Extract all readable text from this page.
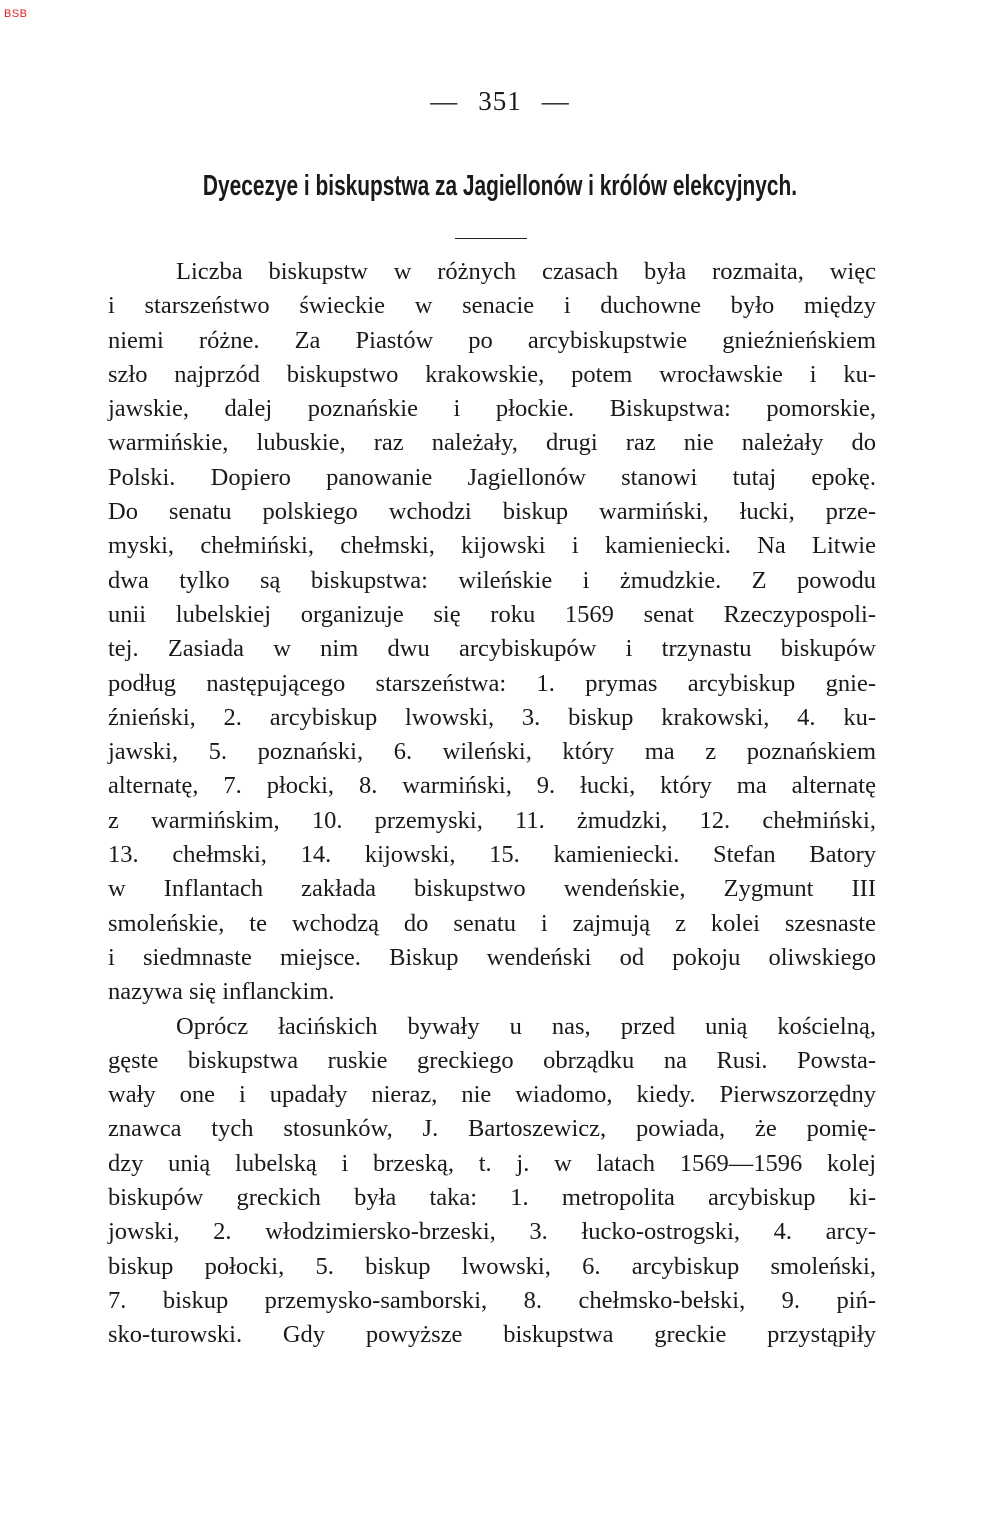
BSB
— 351 —
Dyecezye i biskupstwa za Jagiellonów i królów elekcyjnych.
Liczba biskupstw w różnych czasach była rozmaita, więc
i starszeństwo świeckie w senacie i duchowne było między
niemi różne. Za Piastów po arcybiskupstwie gnieźnieńskiem
szło najprzód biskupstwo krakowskie, potem wrocławskie i ku-
jawskie, dalej poznańskie i płockie. Biskupstwa: pomorskie,
warmińskie, lubuskie, raz należały, drugi raz nie należały do
Polski. Dopiero panowanie Jagiellonów stanowi tutaj epokę.
Do senatu polskiego wchodzi biskup warmiński, łucki, prze-
myski, chełmiński, chełmski, kijowski i kamieniecki. Na Litwie
dwa tylko są biskupstwa: wileńskie i żmudzkie. Z powodu
unii lubelskiej organizuje się roku 1569 senat Rzeczypospoli-
tej. Zasiada w nim dwu arcybiskupów i trzynastu biskupów
podług następującego starszeństwa: 1. prymas arcybiskup gnie-
źnieński, 2. arcybiskup lwowski, 3. biskup krakowski, 4. ku-
jawski, 5. poznański, 6. wileński, który ma z poznańskiem
alternatę, 7. płocki, 8. warmiński, 9. łucki, który ma alternatę
z warmińskim, 10. przemyski, 11. żmudzki, 12. chełmiński,
13. chełmski, 14. kijowski, 15. kamieniecki. Stefan Batory
w Inflantach zakłada biskupstwo wendeńskie, Zygmunt III
smoleńskie, te wchodzą do senatu i zajmują z kolei szesnaste
i siedmnaste miejsce. Biskup wendeński od pokoju oliwskiego
nazywa się inflanckim.
Oprócz łacińskich bywały u nas, przed unią kościelną,
gęste biskupstwa ruskie greckiego obrządku na Rusi. Powsta-
wały one i upadały nieraz, nie wiadomo, kiedy. Pierwszorzędny
znawca tych stosunków, J. Bartoszewicz, powiada, że pomię-
dzy unią lubelską i brzeską, t. j. w latach 1569—1596 kolej
biskupów greckich była taka: 1. metropolita arcybiskup ki-
jowski, 2. włodzimiersko-brzeski, 3. łucko-ostrogski, 4. arcy-
biskup połocki, 5. biskup lwowski, 6. arcybiskup smoleński,
7. biskup przemysko-samborski, 8. chełmsko-bełski, 9. piń-
sko-turowski. Gdy powyższe biskupstwa greckie przystąpiły
